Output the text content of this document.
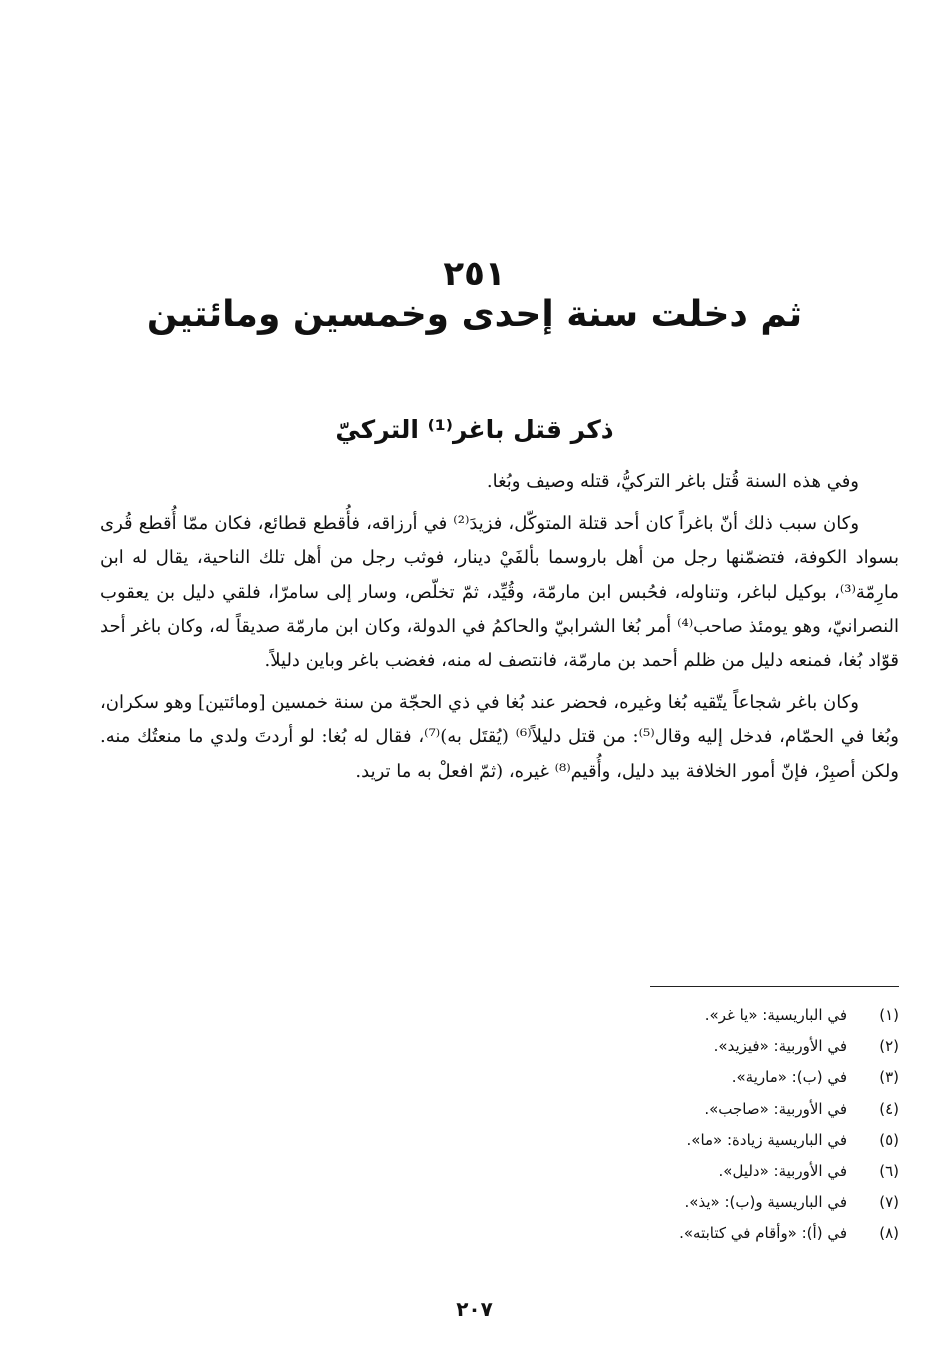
٢٥١
ثم دخلت سنة إحدى وخمسين ومائتين
ذكر قتل باغر⁽¹⁾ التركيّ

وفي هذه السنة قُتل باغر التركيُّ، قتله وصيف وبُغا.

وكان سبب ذلك أنّ باغراً كان أحد قتلة المتوكّل، فزيدَ⁽²⁾ في أرزاقه، فأُقطع قطائع، فكان ممّا أُقطع قُرى بسواد الكوفة، فتضمّنها رجل من أهل باروسما بألفَيْ دينار، فوثب رجل من أهل تلك الناحية، يقال له ابن مارِمّة⁽³⁾، بوكيل لباغر، وتناوله، فحُبس ابن مارمّة، وقُيِّد، ثمّ تخلّص، وسار إلى سامرّا، فلقي دليل بن يعقوب النصرانيّ، وهو يومئذ صاحب⁽⁴⁾ أمر بُغا الشرابيّ والحاكمُ في الدولة، وكان ابن مارمّة صديقاً له، وكان باغر أحد قوّاد بُغا، فمنعه دليل من ظلم أحمد بن مارمّة، فانتصف له منه، فغضب باغر وباين دليلاً.

وكان باغر شجاعاً يتّقيه بُغا وغيره، فحضر عند بُغا في ذي الحجّة من سنة خمسين [ومائتين] وهو سكران، وبُغا في الحمّام، فدخل إليه وقال⁽⁵⁾: من قتل دليلاً⁽⁶⁾ (يُقتَل به)⁽⁷⁾، فقال له بُغا: لو أردتَ ولدي ما منعتُك منه. ولكن أصبِرْ، فإنّ أمور الخلافة بيد دليل، وأُقيم⁽⁸⁾ غيره، (ثمّ افعلْ به ما تريد.

(١)في الباريسية: «يا غر».
(٢)في الأوربية: «فيزيد».
(٣)في (ب): «مارية».
(٤)في الأوربية: «صاجب».
(٥)في الباريسية زيادة: «ما».
(٦)في الأوربية: «دليل».
(٧)في الباريسية و(ب): «يذ».
(٨)في (أ): «وأقام في كتابته».
٢٠٧
